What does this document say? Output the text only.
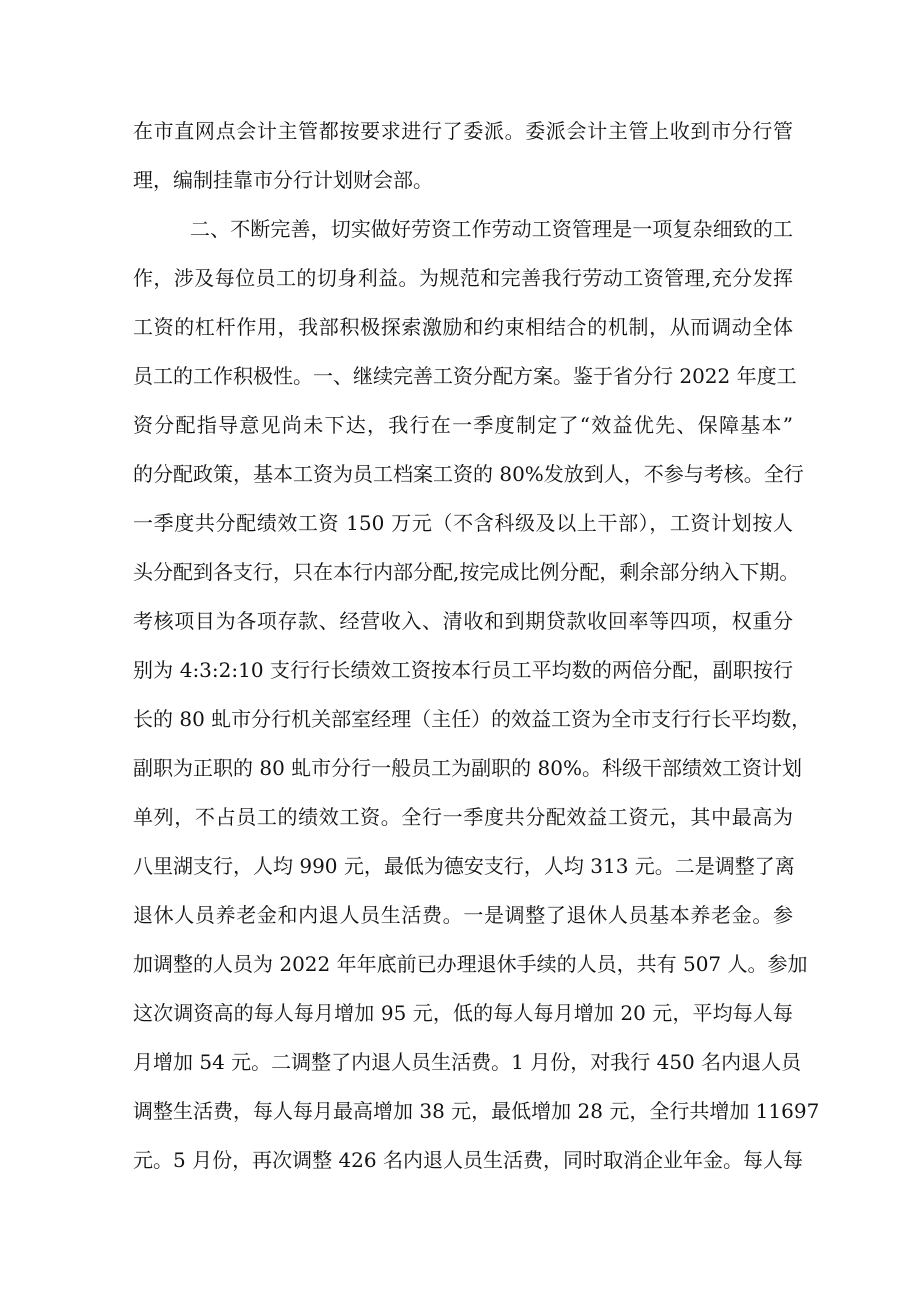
在市直网点会计主管都按要求进行了委派。委派会计主管上收到市分行管
理，编制挂靠市分行计划财会部。
二、不断完善，切实做好劳资工作劳动工资管理是一项复杂细致的工
作，涉及每位员工的切身利益。为规范和完善我行劳动工资管理,充分发挥
工资的杠杆作用，我部积极探索激励和约束相结合的机制，从而调动全体
员工的工作积极性。一、继续完善工资分配方案。鉴于省分行 2022 年度工
资分配指导意见尚未下达，我行在一季度制定了“效益优先、保障基本”
的分配政策，基本工资为员工档案工资的 80%发放到人，不参与考核。全行
一季度共分配绩效工资 150 万元（不含科级及以上干部），工资计划按人
头分配到各支行，只在本行内部分配,按完成比例分配，剩余部分纳入下期。
考核项目为各项存款、经营收入、清收和到期贷款收回率等四项，权重分
别为 4:3:2:10 支行行长绩效工资按本行员工平均数的两倍分配，副职按行
长的 80 虬市分行机关部室经理（主任）的效益工资为全市支行行长平均数，
副职为正职的 80 虬市分行一般员工为副职的 80%。科级干部绩效工资计划
单列，不占员工的绩效工资。全行一季度共分配效益工资元，其中最高为
八里湖支行，人均 990 元，最低为德安支行，人均 313 元。二是调整了离
退休人员养老金和内退人员生活费。一是调整了退休人员基本养老金。参
加调整的人员为 2022 年年底前已办理退休手续的人员，共有 507 人。参加
这次调资高的每人每月增加 95 元，低的每人每月增加 20 元，平均每人每
月增加 54 元。二调整了内退人员生活费。1 月份，对我行 450 名内退人员
调整生活费，每人每月最高增加 38 元，最低增加 28 元，全行共增加 11697
元。5 月份，再次调整 426 名内退人员生活费，同时取消企业年金。每人每
